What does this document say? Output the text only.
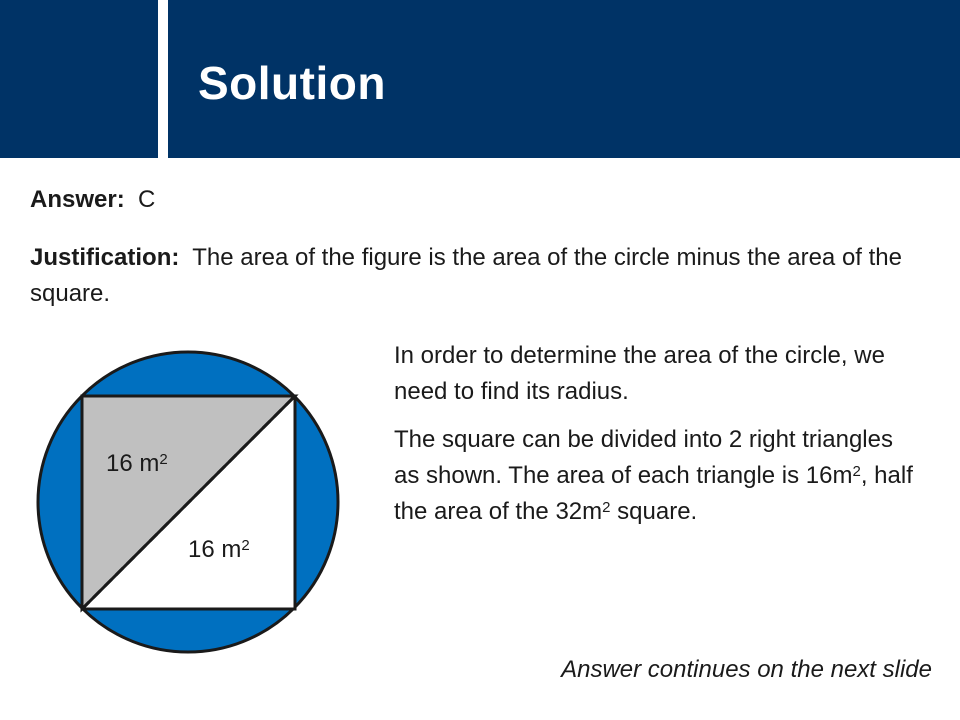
Solution

Answer: C

Justification: The area of the figure is the area of the circle minus the area of the square.

16 $m^2$
16 $m^2$

In order to determine the area of the circle, we need to find its radius.

The square can be divided into 2 right triangles as shown. The area of each triangle is $16m^2$, half the area of the $32m^2$ square.

Answer continues on the next slide
